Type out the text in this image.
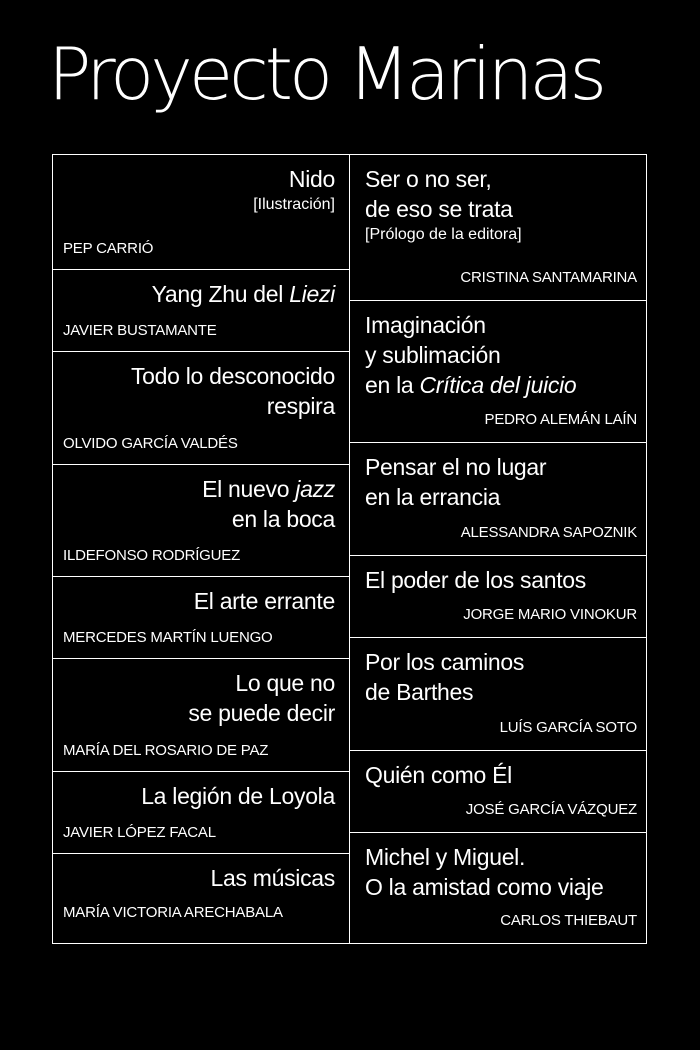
Proyecto Marinas
Nido
[Ilustración]
PEP CARRIÓ
Yang Zhu del Liezi
JAVIER BUSTAMANTE
Todo lo desconocido
respira
OLVIDO GARCÍA VALDÉS
El nuevo jazz
en la boca
ILDEFONSO RODRÍGUEZ
El arte errante
MERCEDES MARTÍN LUENGO
Lo que no
se puede decir
MARÍA DEL ROSARIO DE PAZ
La legión de Loyola
JAVIER LÓPEZ FACAL
Las músicas
MARÍA VICTORIA ARECHABALA
Ser o no ser,
de eso se trata
[Prólogo de la editora]
CRISTINA SANTAMARINA
Imaginación
y sublimación
en la Crítica del juicio
PEDRO ALEMÁN LAÍN
Pensar el no lugar
en la errancia
ALESSANDRA SAPOZNIK
El poder de los santos
JORGE MARIO VINOKUR
Por los caminos
de Barthes
LUÍS GARCÍA SOTO
Quién como Él
JOSÉ GARCÍA VÁZQUEZ
Michel y Miguel.
O la amistad como viaje
CARLOS THIEBAUT
